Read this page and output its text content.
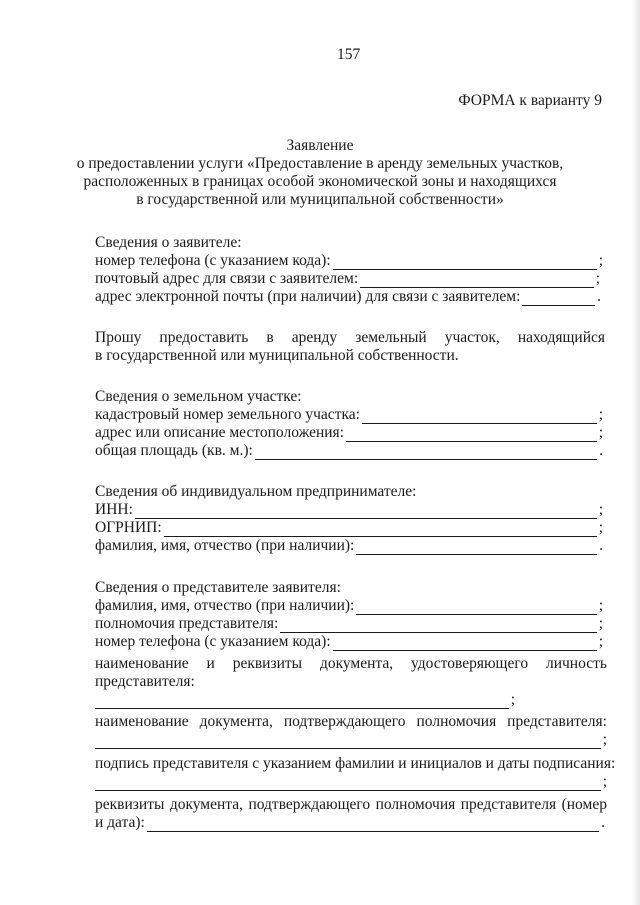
157
ФОРМА к варианту 9
Заявление
о предоставлении услуги «Предоставление в аренду земельных участков,
расположенных в границах особой экономической зоны и находящихся
в государственной или муниципальной собственности»
Сведения о заявителе:
номер телефона (с указанием кода):	;
почтовый адрес для связи с заявителем:	;
адрес электронной почты (при наличии) для связи с заявителем:	.
Прошу предоставить в аренду земельный участок, находящийся
в государственной или муниципальной собственности.
Сведения о земельном участке:
кадастровый номер земельного участка:	;
адрес или описание местоположения:	;
общая площадь (кв. м.):	.
Сведения об индивидуальном предпринимателе:
ИНН:	;
ОГРНИП:	;
фамилия, имя, отчество (при наличии):	.
Сведения о представителе заявителя:
фамилия, имя, отчество (при наличии):	;
полномочия представителя:	;
номер телефона (с указанием кода):	;
наименование и реквизиты документа, удостоверяющего личность
представителя:
;
наименование документа, подтверждающего полномочия представителя:
;
подпись представителя с указанием фамилии и инициалов и даты подписания:
;
реквизиты документа, подтверждающего полномочия представителя (номер
и дата):	.
